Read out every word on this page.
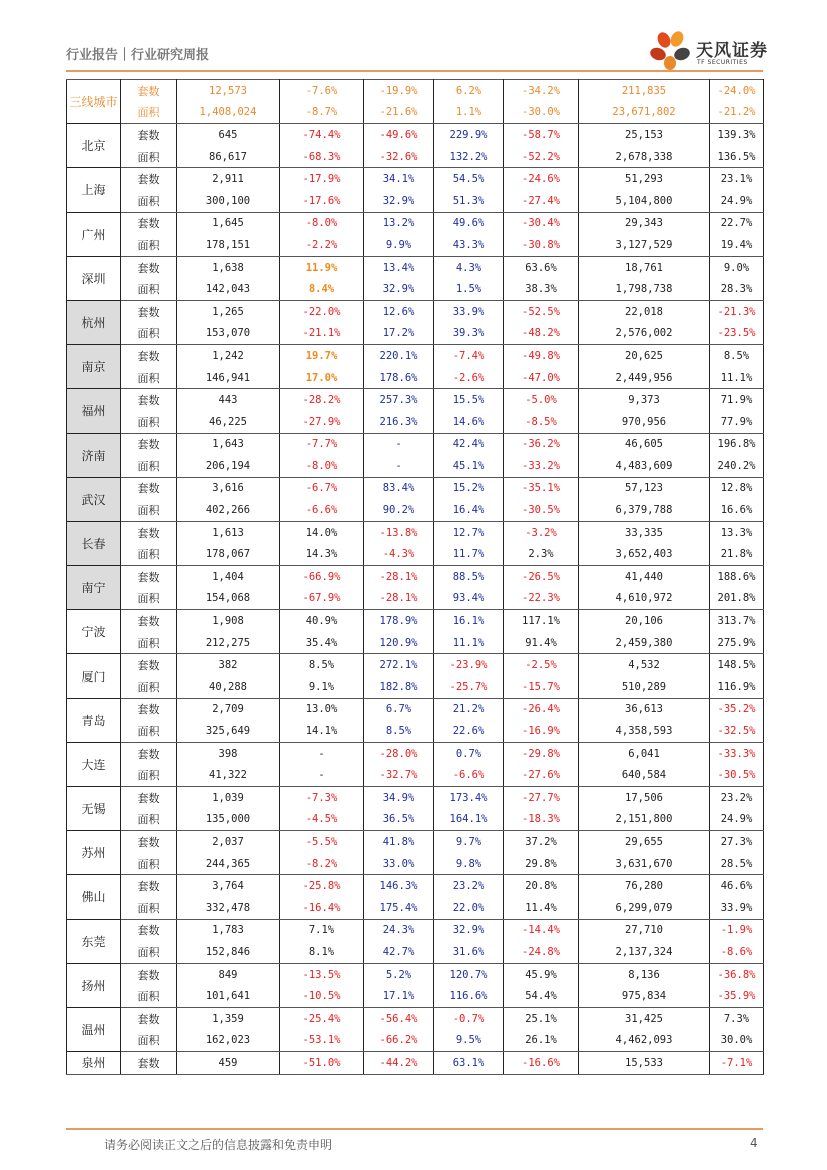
行业报告｜行业研究周报	天风证券
TF SECURITIES
三线城市	套数	12,573	-7.6%	-19.9%	6.2%	-34.2%	211,835	-24.0%
	面积	1,408,024	-8.7%	-21.6%	1.1%	-30.0%	23,671,802	-21.2%
北京	套数	645	-74.4%	-49.6%	229.9%	-58.7%	25,153	139.3%
	面积	86,617	-68.3%	-32.6%	132.2%	-52.2%	2,678,338	136.5%
上海	套数	2,911	-17.9%	34.1%	54.5%	-24.6%	51,293	23.1%
	面积	300,100	-17.6%	32.9%	51.3%	-27.4%	5,104,800	24.9%
广州	套数	1,645	-8.0%	13.2%	49.6%	-30.4%	29,343	22.7%
	面积	178,151	-2.2%	9.9%	43.3%	-30.8%	3,127,529	19.4%
深圳	套数	1,638	11.9%	13.4%	4.3%	63.6%	18,761	9.0%
	面积	142,043	8.4%	32.9%	1.5%	38.3%	1,798,738	28.3%
杭州	套数	1,265	-22.0%	12.6%	33.9%	-52.5%	22,018	-21.3%
	面积	153,070	-21.1%	17.2%	39.3%	-48.2%	2,576,002	-23.5%
南京	套数	1,242	19.7%	220.1%	-7.4%	-49.8%	20,625	8.5%
	面积	146,941	17.0%	178.6%	-2.6%	-47.0%	2,449,956	11.1%
福州	套数	443	-28.2%	257.3%	15.5%	-5.0%	9,373	71.9%
	面积	46,225	-27.9%	216.3%	14.6%	-8.5%	970,956	77.9%
济南	套数	1,643	-7.7%	-	42.4%	-36.2%	46,605	196.8%
	面积	206,194	-8.0%	-	45.1%	-33.2%	4,483,609	240.2%
武汉	套数	3,616	-6.7%	83.4%	15.2%	-35.1%	57,123	12.8%
	面积	402,266	-6.6%	90.2%	16.4%	-30.5%	6,379,788	16.6%
长春	套数	1,613	14.0%	-13.8%	12.7%	-3.2%	33,335	13.3%
	面积	178,067	14.3%	-4.3%	11.7%	2.3%	3,652,403	21.8%
南宁	套数	1,404	-66.9%	-28.1%	88.5%	-26.5%	41,440	188.6%
	面积	154,068	-67.9%	-28.1%	93.4%	-22.3%	4,610,972	201.8%
宁波	套数	1,908	40.9%	178.9%	16.1%	117.1%	20,106	313.7%
	面积	212,275	35.4%	120.9%	11.1%	91.4%	2,459,380	275.9%
厦门	套数	382	8.5%	272.1%	-23.9%	-2.5%	4,532	148.5%
	面积	40,288	9.1%	182.8%	-25.7%	-15.7%	510,289	116.9%
青岛	套数	2,709	13.0%	6.7%	21.2%	-26.4%	36,613	-35.2%
	面积	325,649	14.1%	8.5%	22.6%	-16.9%	4,358,593	-32.5%
大连	套数	398	-	-28.0%	0.7%	-29.8%	6,041	-33.3%
	面积	41,322	-	-32.7%	-6.6%	-27.6%	640,584	-30.5%
无锡	套数	1,039	-7.3%	34.9%	173.4%	-27.7%	17,506	23.2%
	面积	135,000	-4.5%	36.5%	164.1%	-18.3%	2,151,800	24.9%
苏州	套数	2,037	-5.5%	41.8%	9.7%	37.2%	29,655	27.3%
	面积	244,365	-8.2%	33.0%	9.8%	29.8%	3,631,670	28.5%
佛山	套数	3,764	-25.8%	146.3%	23.2%	20.8%	76,280	46.6%
	面积	332,478	-16.4%	175.4%	22.0%	11.4%	6,299,079	33.9%
东莞	套数	1,783	7.1%	24.3%	32.9%	-14.4%	27,710	-1.9%
	面积	152,846	8.1%	42.7%	31.6%	-24.8%	2,137,324	-8.6%
扬州	套数	849	-13.5%	5.2%	120.7%	45.9%	8,136	-36.8%
	面积	101,641	-10.5%	17.1%	116.6%	54.4%	975,834	-35.9%
温州	套数	1,359	-25.4%	-56.4%	-0.7%	25.1%	31,425	7.3%
	面积	162,023	-53.1%	-66.2%	9.5%	26.1%	4,462,093	30.0%
泉州	套数	459	-51.0%	-44.2%	63.1%	-16.6%	15,533	-7.1%
请务必阅读正文之后的信息披露和免责申明	4
